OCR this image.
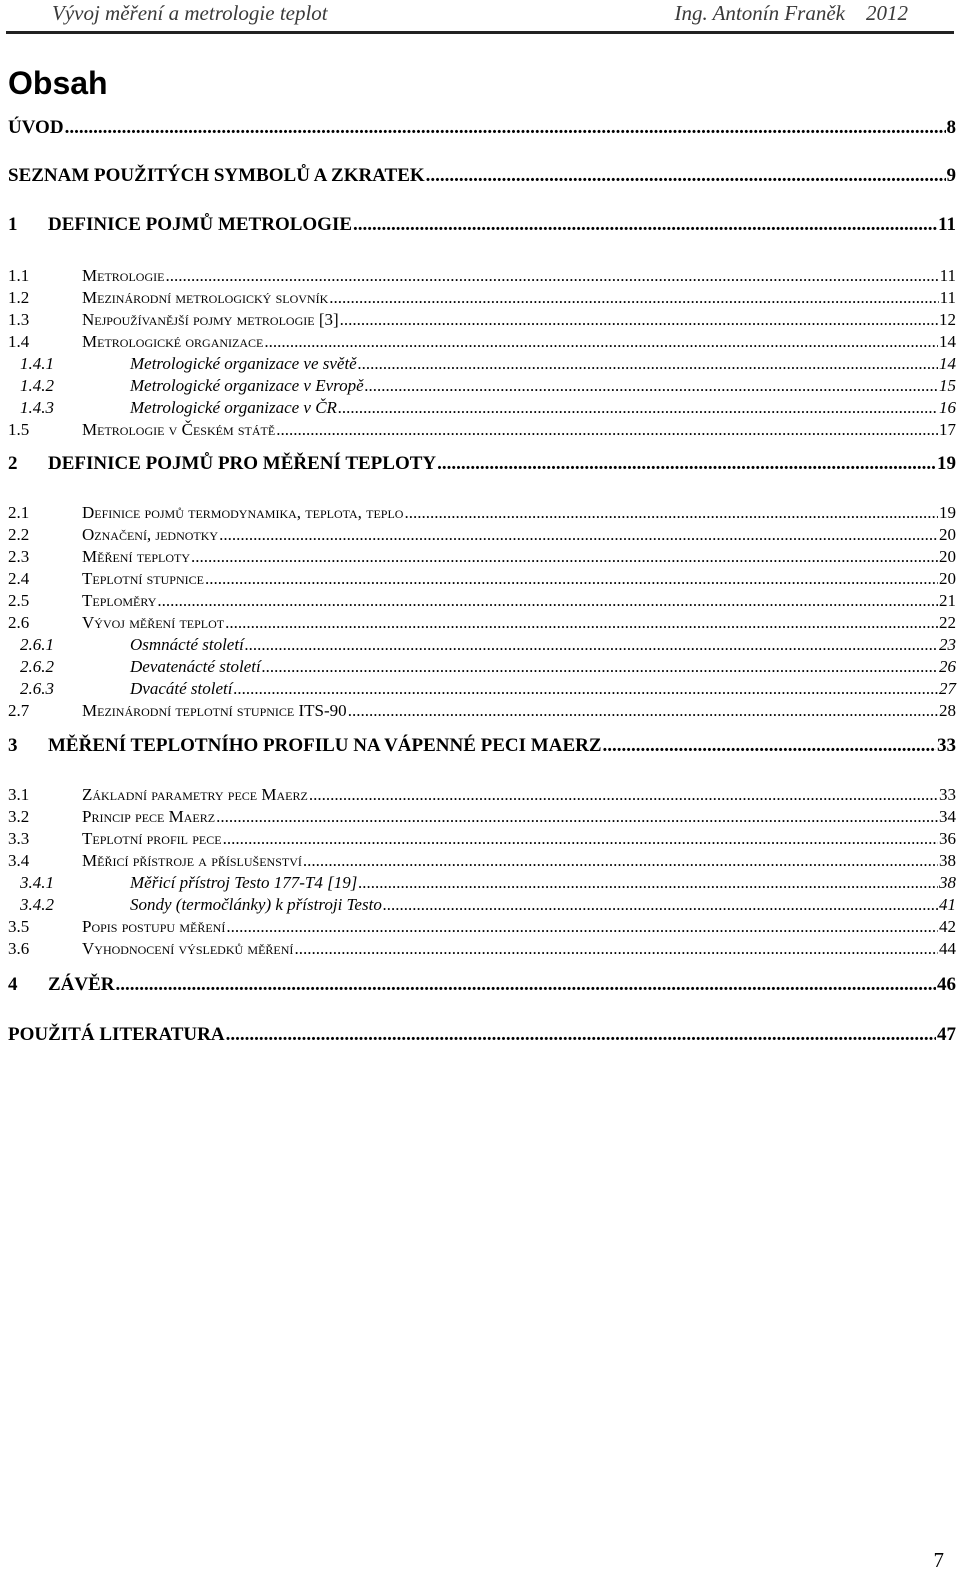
Vývoj měření a metrologie teplot	Ing. Antonín Franěk    2012
Obsah
ÚVOD .....	8
SEZNAM POUŽITÝCH SYMBOLŮ A ZKRATEK .....	9
1	DEFINICE POJMŮ METROLOGIE .....	11
1.1	Metrologie .....	11
1.2	Mezinárodní metrologický slovník .....	11
1.3	Nejpoužívanější pojmy metrologie [3] .....	12
1.4	Metrologické organizace .....	14
1.4.1	Metrologické organizace ve světě .....	14
1.4.2	Metrologické organizace v Evropě .....	15
1.4.3	Metrologické organizace v ČR .....	16
1.5	Metrologie v Českém státě .....	17
2	DEFINICE POJMŮ PRO MĚŘENÍ TEPLOTY .....	19
2.1	Definice pojmů termodynamika, teplota, teplo .....	19
2.2	Označení, jednotky .....	20
2.3	Měření teploty .....	20
2.4	Teplotní stupnice .....	20
2.5	Teploměry .....	21
2.6	Vývoj měření teplot .....	22
2.6.1	Osmnácté století .....	23
2.6.2	Devatenácté století .....	26
2.6.3	Dvacáté století .....	27
2.7	Mezinárodní teplotní stupnice ITS-90 .....	28
3	MĚŘENÍ TEPLOTNÍHO PROFILU NA VÁPENNÉ PECI MAERZ .....	33
3.1	Základní parametry pece Maerz .....	33
3.2	Princip pece Maerz .....	34
3.3	Teplotní profil pece .....	36
3.4	Měřicí přístroje a příslušenství .....	38
3.4.1	Měřicí přístroj Testo 177-T4 [19] .....	38
3.4.2	Sondy (termočlánky) k přístroji Testo .....	41
3.5	Popis postupu měření .....	42
3.6	Vyhodnocení výsledků měření .....	44
4	ZÁVĚR .....	46
POUŽITÁ LITERATURA .....	47
7
